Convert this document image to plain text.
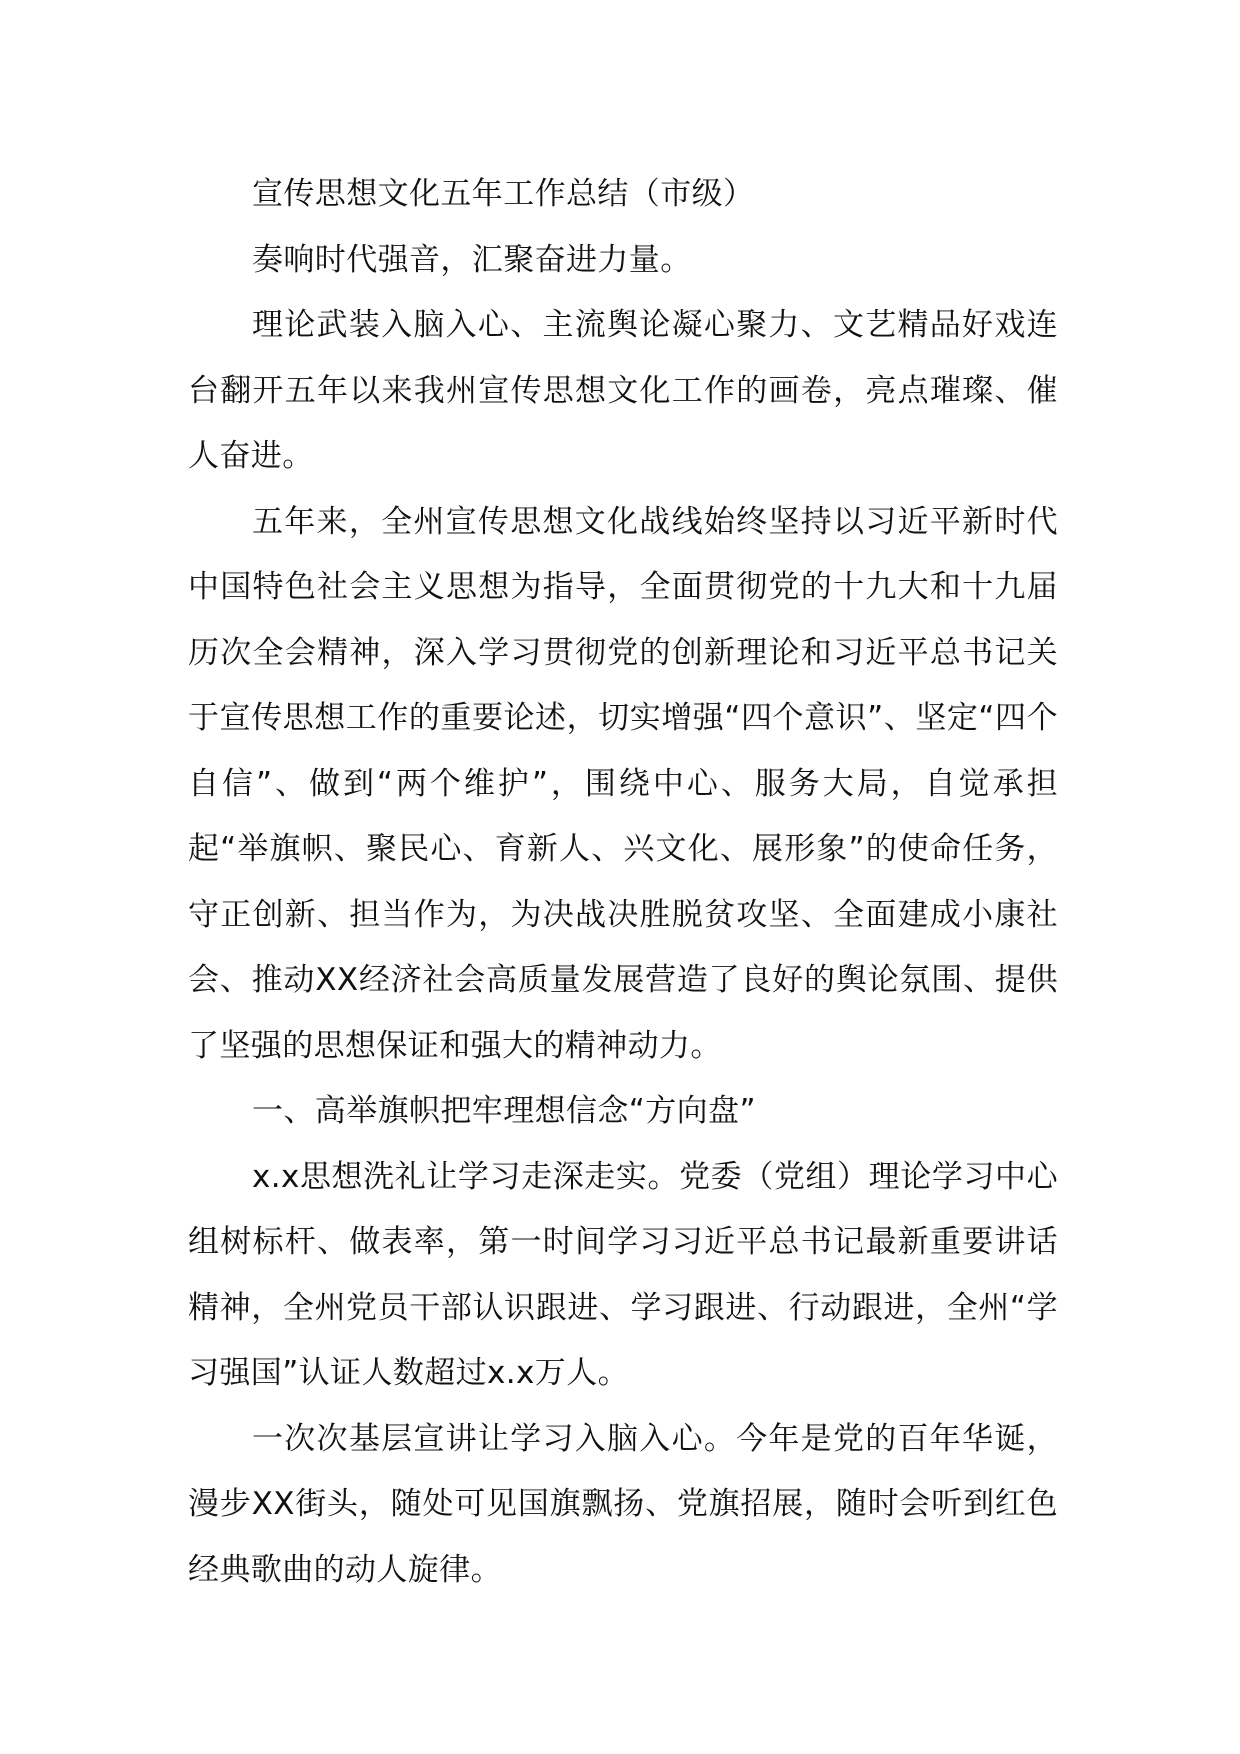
宣传思想文化五年工作总结（市级）

奏响时代强音，汇聚奋进力量。

理论武装入脑入心、主流舆论凝心聚力、文艺精品好戏连台翻开五年以来我州宣传思想文化工作的画卷，亮点璀璨、催人奋进。

五年来，全州宣传思想文化战线始终坚持以习近平新时代中国特色社会主义思想为指导，全面贯彻党的十九大和十九届历次全会精神，深入学习贯彻党的创新理论和习近平总书记关于宣传思想工作的重要论述，切实增强“四个意识”、坚定“四个自信”、做到“两个维护”，围绕中心、服务大局，自觉承担起“举旗帜、聚民心、育新人、兴文化、展形象”的使命任务，守正创新、担当作为，为决战决胜脱贫攻坚、全面建成小康社会、推动XX经济社会高质量发展营造了良好的舆论氛围、提供了坚强的思想保证和强大的精神动力。

一、高举旗帜把牢理想信念“方向盘”

x.x思想洗礼让学习走深走实。党委（党组）理论学习中心组树标杆、做表率，第一时间学习习近平总书记最新重要讲话精神，全州党员干部认识跟进、学习跟进、行动跟进，全州“学习强国”认证人数超过x.x万人。

一次次基层宣讲让学习入脑入心。今年是党的百年华诞，漫步XX街头，随处可见国旗飘扬、党旗招展，随时会听到红色经典歌曲的动人旋律。
